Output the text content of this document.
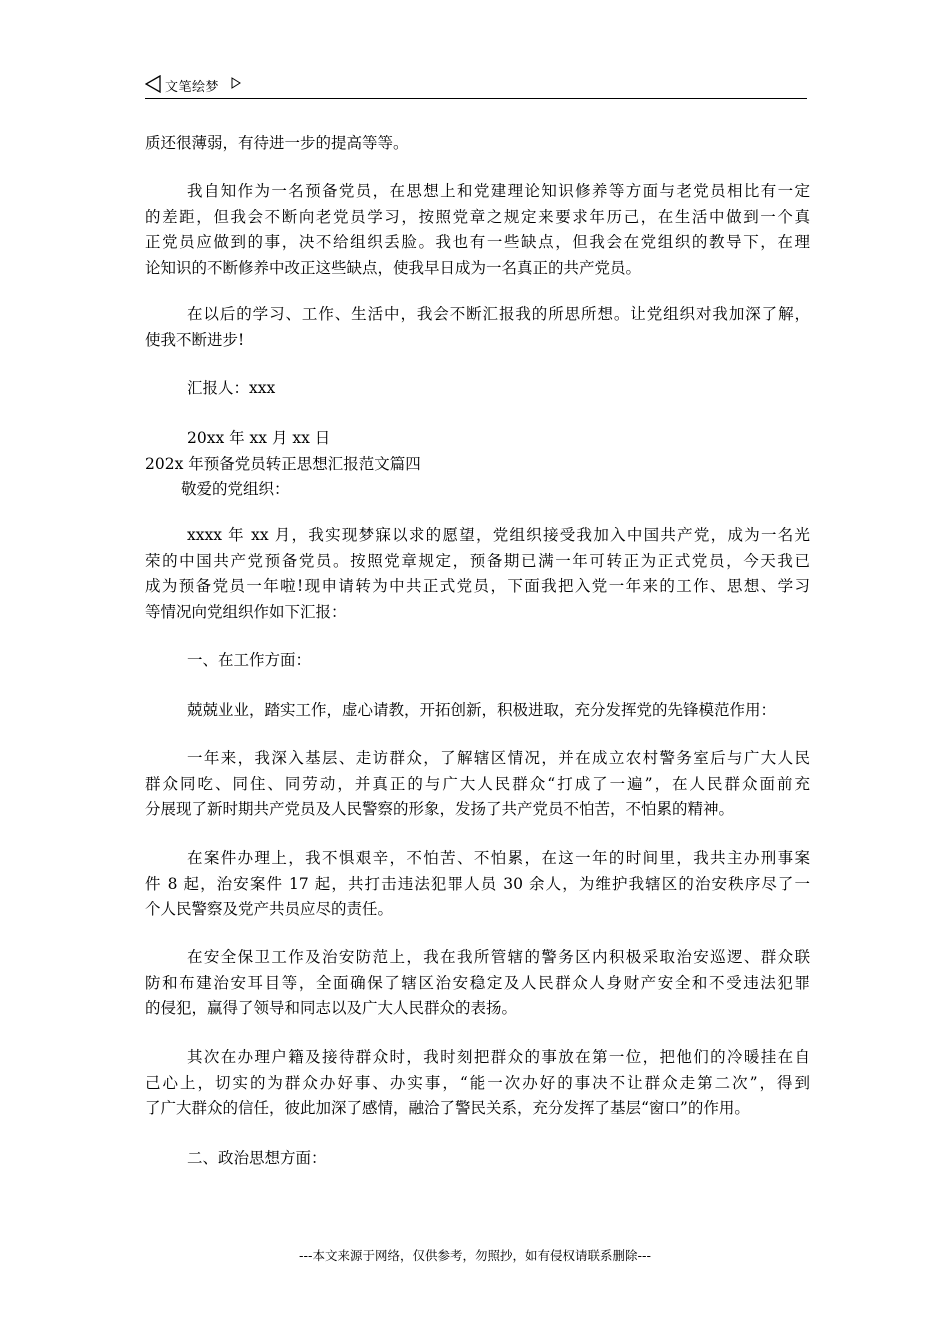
文笔绘梦
质还很薄弱，有待进一步的提高等等。
我自知作为一名预备党员，在思想上和党建理论知识修养等方面与老党员相比有一定
的差距，但我会不断向老党员学习，按照党章之规定来要求年历己，在生活中做到一个真
正党员应做到的事，决不给组织丢脸。我也有一些缺点，但我会在党组织的教导下，在理
论知识的不断修养中改正这些缺点，使我早日成为一名真正的共产党员。
在以后的学习、工作、生活中，我会不断汇报我的所思所想。让党组织对我加深了解，
使我不断进步!
汇报人：xxx
20xx 年 xx 月 xx 日
202x 年预备党员转正思想汇报范文篇四
敬爱的党组织：
xxxx 年 xx 月，我实现梦寐以求的愿望，党组织接受我加入中国共产党，成为一名光
荣的中国共产党预备党员。按照党章规定，预备期已满一年可转正为正式党员，今天我已
成为预备党员一年啦!现申请转为中共正式党员，下面我把入党一年来的工作、思想、学习
等情况向党组织作如下汇报：
一、在工作方面：
兢兢业业，踏实工作，虚心请教，开拓创新，积极进取，充分发挥党的先锋模范作用：
一年来，我深入基层、走访群众，了解辖区情况，并在成立农村警务室后与广大人民
群众同吃、同住、同劳动，并真正的与广大人民群众“打成了一遍”，在人民群众面前充
分展现了新时期共产党员及人民警察的形象，发扬了共产党员不怕苦，不怕累的精神。
在案件办理上，我不惧艰辛，不怕苦、不怕累，在这一年的时间里，我共主办刑事案
件 8 起，治安案件 17 起，共打击违法犯罪人员 30 余人，为维护我辖区的治安秩序尽了一
个人民警察及党产共员应尽的责任。
在安全保卫工作及治安防范上，我在我所管辖的警务区内积极采取治安巡逻、群众联
防和布建治安耳目等，全面确保了辖区治安稳定及人民群众人身财产安全和不受违法犯罪
的侵犯，赢得了领导和同志以及广大人民群众的表扬。
其次在办理户籍及接待群众时，我时刻把群众的事放在第一位，把他们的冷暖挂在自
己心上，切实的为群众办好事、办实事，“能一次办好的事决不让群众走第二次”，得到
了广大群众的信任，彼此加深了感情，融洽了警民关系，充分发挥了基层“窗口”的作用。
二、政治思想方面：
---本文来源于网络，仅供参考，勿照抄，如有侵权请联系删除---
